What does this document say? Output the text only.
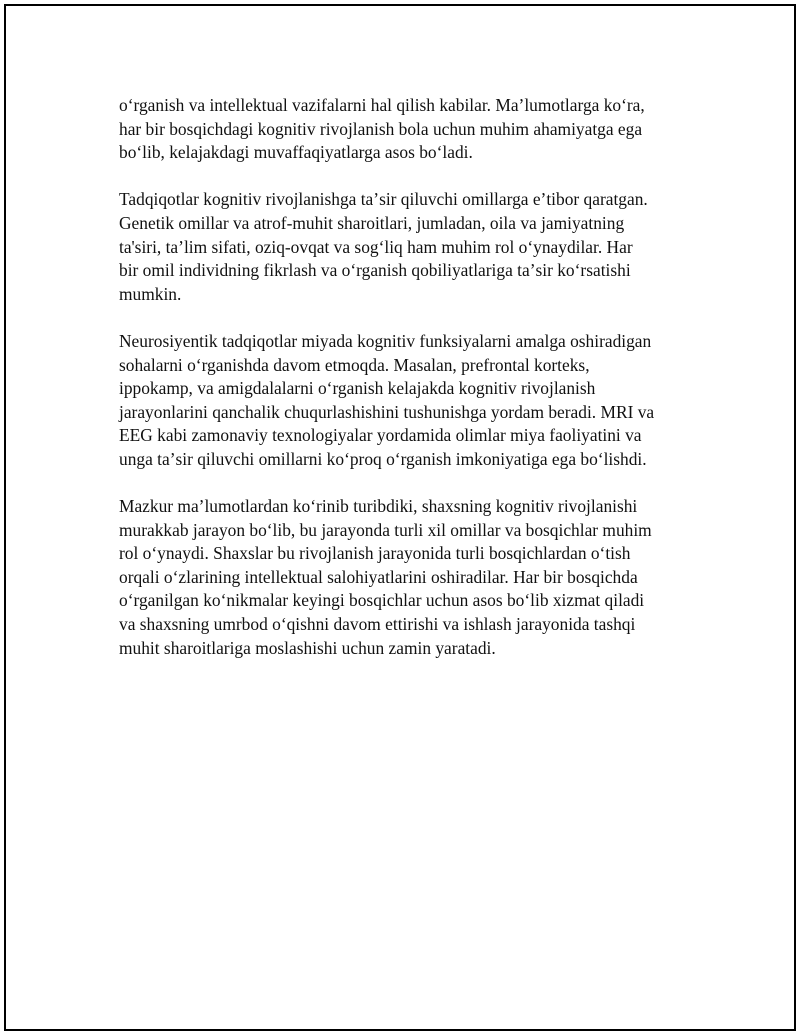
oʻrganish va intellektual vazifalarni hal qilish kabilar. Maʼlumotlarga koʻra,
har bir bosqichdagi kognitiv rivojlanish bola uchun muhim ahamiyatga ega
boʻlib, kelajakdagi muvaffaqiyatlarga asos boʻladi.

Tadqiqotlar kognitiv rivojlanishga taʼsir qiluvchi omillarga eʼtibor qaratgan.
Genetik omillar va atrof-muhit sharoitlari, jumladan, oila va jamiyatning
ta'siri, taʼlim sifati, oziq-ovqat va sogʻliq ham muhim rol oʻynaydilar. Har
bir omil individning fikrlash va oʻrganish qobiliyatlariga taʼsir koʻrsatishi
mumkin.

Neurosiyentik tadqiqotlar miyada kognitiv funksiyalarni amalga oshiradigan
sohalarni oʻrganishda davom etmoqda. Masalan, prefrontal korteks,
ippokamp, va amigdalalarni oʻrganish kelajakda kognitiv rivojlanish
jarayonlarini qanchalik chuqurlashishini tushunishga yordam beradi. MRI va
EEG kabi zamonaviy texnologiyalar yordamida olimlar miya faoliyatini va
unga taʼsir qiluvchi omillarni koʻproq oʻrganish imkoniyatiga ega boʻlishdi.

Mazkur maʼlumotlardan koʻrinib turibdiki, shaxsning kognitiv rivojlanishi
murakkab jarayon boʻlib, bu jarayonda turli xil omillar va bosqichlar muhim
rol oʻynaydi. Shaxslar bu rivojlanish jarayonida turli bosqichlardan oʻtish
orqali oʻzlarining intellektual salohiyatlarini oshiradilar. Har bir bosqichda
oʻrganilgan koʻnikmalar keyingi bosqichlar uchun asos boʻlib xizmat qiladi
va shaxsning umrbod oʻqishni davom ettirishi va ishlash jarayonida tashqi
muhit sharoitlariga moslashishi uchun zamin yaratadi.
